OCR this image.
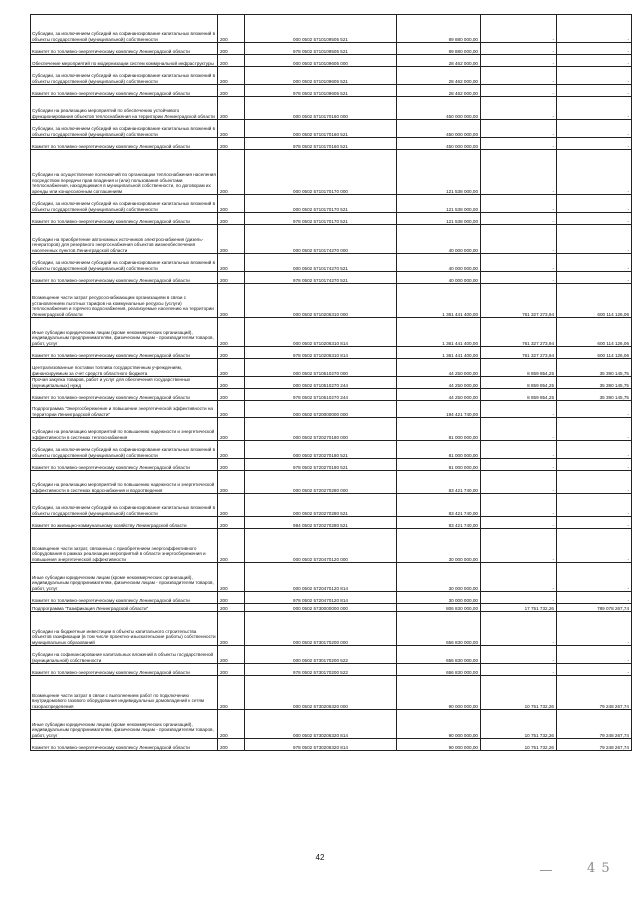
Субсидии, за исключением субсидий на софинансирование капитальных вложений в объекты государственной (муниципальной) собственности	200	000 0502 5710109505 521	89 880 000,00	-	-
Комитет по топливно-энергетическому комплексу Ленинградской области	200	978 0502 5710109505 521	89 880 000,00	-	-
Обеспечение мероприятий по модернизации систем коммунальной инфраструктуры 200	000 0502 5710109605 000	28 462 000,00	-	-
Субсидии, за исключением субсидий на софинансирование капитальных вложений в объекты государственной (муниципальной) собственности	200	000 0502 5710109605 521	28 462 000,00	-	-
Комитет по топливно-энергетическому комплексу Ленинградской области	200	978 0502 5710109605 521	28 462 000,00	-	-
Субсидии на реализацию мероприятий по обеспечению устойчивого функционирования объектов теплоснабжения на территории Ленинградской области 200	000 0502 5710170160 000	450 000 000,00	-	-
Субсидии, за исключением субсидий на софинансирование капитальных вложений в объекты государственной (муниципальной) собственности	200	000 0502 5710170160 521	450 000 000,00	-	-
Комитет по топливно-энергетическому комплексу Ленинградской области	200	978 0502 5710170160 521	450 000 000,00	-	-
Субсидии на осуществление полномочий по организации теплоснабжения населения посредством передачи прав владения и (или) пользования объектами теплоснабжения, находящимися в муниципальной собственности, по договорам их аренды или концессионным соглашениям	200	000 0502 5710170170 000	121 538 000,00	-	-
Субсидии, за исключением субсидий на софинансирование капитальных вложений в объекты государственной (муниципальной) собственности	200	000 0502 5710170170 521	121 538 000,00	-	-
Комитет по топливно-энергетическому комплексу Ленинградской области	200	978 0502 5710170170 521	121 538 000,00	-	-
Субсидии на приобретение автономных источников электроснабжения (дизель-генераторов) для резервного энергоснабжения объектов жизнеобеспечения населенных пунктов Ленинградской области	200	000 0502 5710174270 000	40 000 000,00	-	-
Субсидии, за исключением субсидий на софинансирование капитальных вложений в объекты государственной (муниципальной) собственности	200	000 0502 5710174270 521	40 000 000,00	-	-
Комитет по топливно-энергетическому комплексу Ленинградской области	200	978 0502 5710174270 521	40 000 000,00	-	-
Возмещение части затрат ресурсоснабжающим организациям в связи с установлением льготных тарифов на коммунальные ресурсы (услуги) теплоснабжения и горячего водоснабжения, реализуемые населению на территории Ленинградской области	200	000 0502 5710206310 000	1 361 441 400,00	761 327 273,94	600 114 126,06
Иные субсидии юридическим лицам (кроме некоммерческих организаций), индивидуальным предпринимателям, физическим лицам - производителям товаров, работ, услуг	200	000 0502 5710206310 814	1 361 441 400,00	761 327 273,94	600 114 126,06
Комитет по топливно-энергетическому комплексу Ленинградской области	200	978 0502 5710206310 814	1 361 441 400,00	761 327 273,94	600 114 126,06
Централизованные поставки топлива государственным учреждениям, финансируемым за счет средств областного бюджета	200	000 0502 5710510270 000	44 250 000,00	8 859 854,25	35 390 145,75
Прочая закупка товаров, работ и услуг для обеспечения государственных (муниципальных) нужд	200	000 0502 5710510270 244	44 250 000,00	8 859 854,25	35 390 145,75
Комитет по топливно-энергетическому комплексу Ленинградской области	200	978 0502 5710510270 244	44 250 000,00	8 859 854,25	35 390 145,75
Подпрограмма "Энергосбережение и повышение энергетической эффективности на территории Ленинградской области"	200	000 0502 5720000000 000	194 421 740,00	-	-
Субсидии на реализацию мероприятий по повышению надежности и энергетической эффективности в системах теплоснабжения	200	000 0502 5720270180 000	81 000 000,00	-	-
Субсидии, за исключением субсидий на софинансирование капитальных вложений в объекты государственной (муниципальной) собственности	200	000 0502 5720270180 521	81 000 000,00	-	-
Комитет по топливно-энергетическому комплексу Ленинградской области	200	978 0502 5720270180 521	81 000 000,00	-	-
Субсидии на реализацию мероприятий по повышению надежности и энергетической эффективности в системах водоснабжения и водоотведения	200	000 0502 5720270280 000	83 421 740,00	-	-
Субсидии, за исключением субсидий на софинансирование капитальных вложений в объекты государственной (муниципальной) собственности	200	000 0502 5720270280 521	83 421 740,00	-	-
Комитет по жилищно-коммунальному хозяйству Ленинградской области	200	984 0502 5720270280 521	83 421 740,00	-	-
Возмещение части затрат, связанных с приобретением энергоэффективного оборудования в рамках реализации мероприятий в области энергосбережения и повышения энергетической эффективности	200	000 0502 5720470120 000	30 000 000,00	-	-
Иные субсидии юридическим лицам (кроме некоммерческих организаций), индивидуальным предпринимателям, физическим лицам - производителям товаров, работ, услуг	200	000 0502 5720470120 814	30 000 000,00	-	-
Комитет по топливно-энергетическому комплексу Ленинградской области	200	978 0502 5720470120 814	30 000 000,00	-	-
Подпрограмма "Газификация Ленинградской области"	200	000 0502 5730000000 000	806 830 000,00	17 751 732,26	789 078 267,74
Субсидии на бюджетные инвестиции в объекты капитального строительства объектов газификации (в том числе проектно-изыскательские работы) собственности муниципальных образований	200	000 0502 5730170200 000	656 830 000,00	-	-
Субсидии на софинансирование капитальных вложений в объекты государственной (муниципальной) собственности	200	000 0502 5730170200 522	656 830 000,00	-	-
Комитет по топливно-энергетическому комплексу Ленинградской области	200	978 0502 5730170200 522	656 830 000,00	-	-
Возмещение части затрат в связи с выполнением работ по подключению внутридомового газового оборудования индивидуальных домовладений к сетям газораспределения	200	000 0502 5730206320 000	90 000 000,00	10 751 732,26	79 248 267,74
Иные субсидии юридическим лицам (кроме некоммерческих организаций), индивидуальным предпринимателям, физическим лицам - производителям товаров, работ, услуг	200	000 0502 5730206320 814	90 000 000,00	10 751 732,26	79 248 267,74
Комитет по топливно-энергетическому комплексу Ленинградской области	200	978 0502 5730206320 814	90 000 000,00	10 751 732,26	79 248 267,74
42
4 5
